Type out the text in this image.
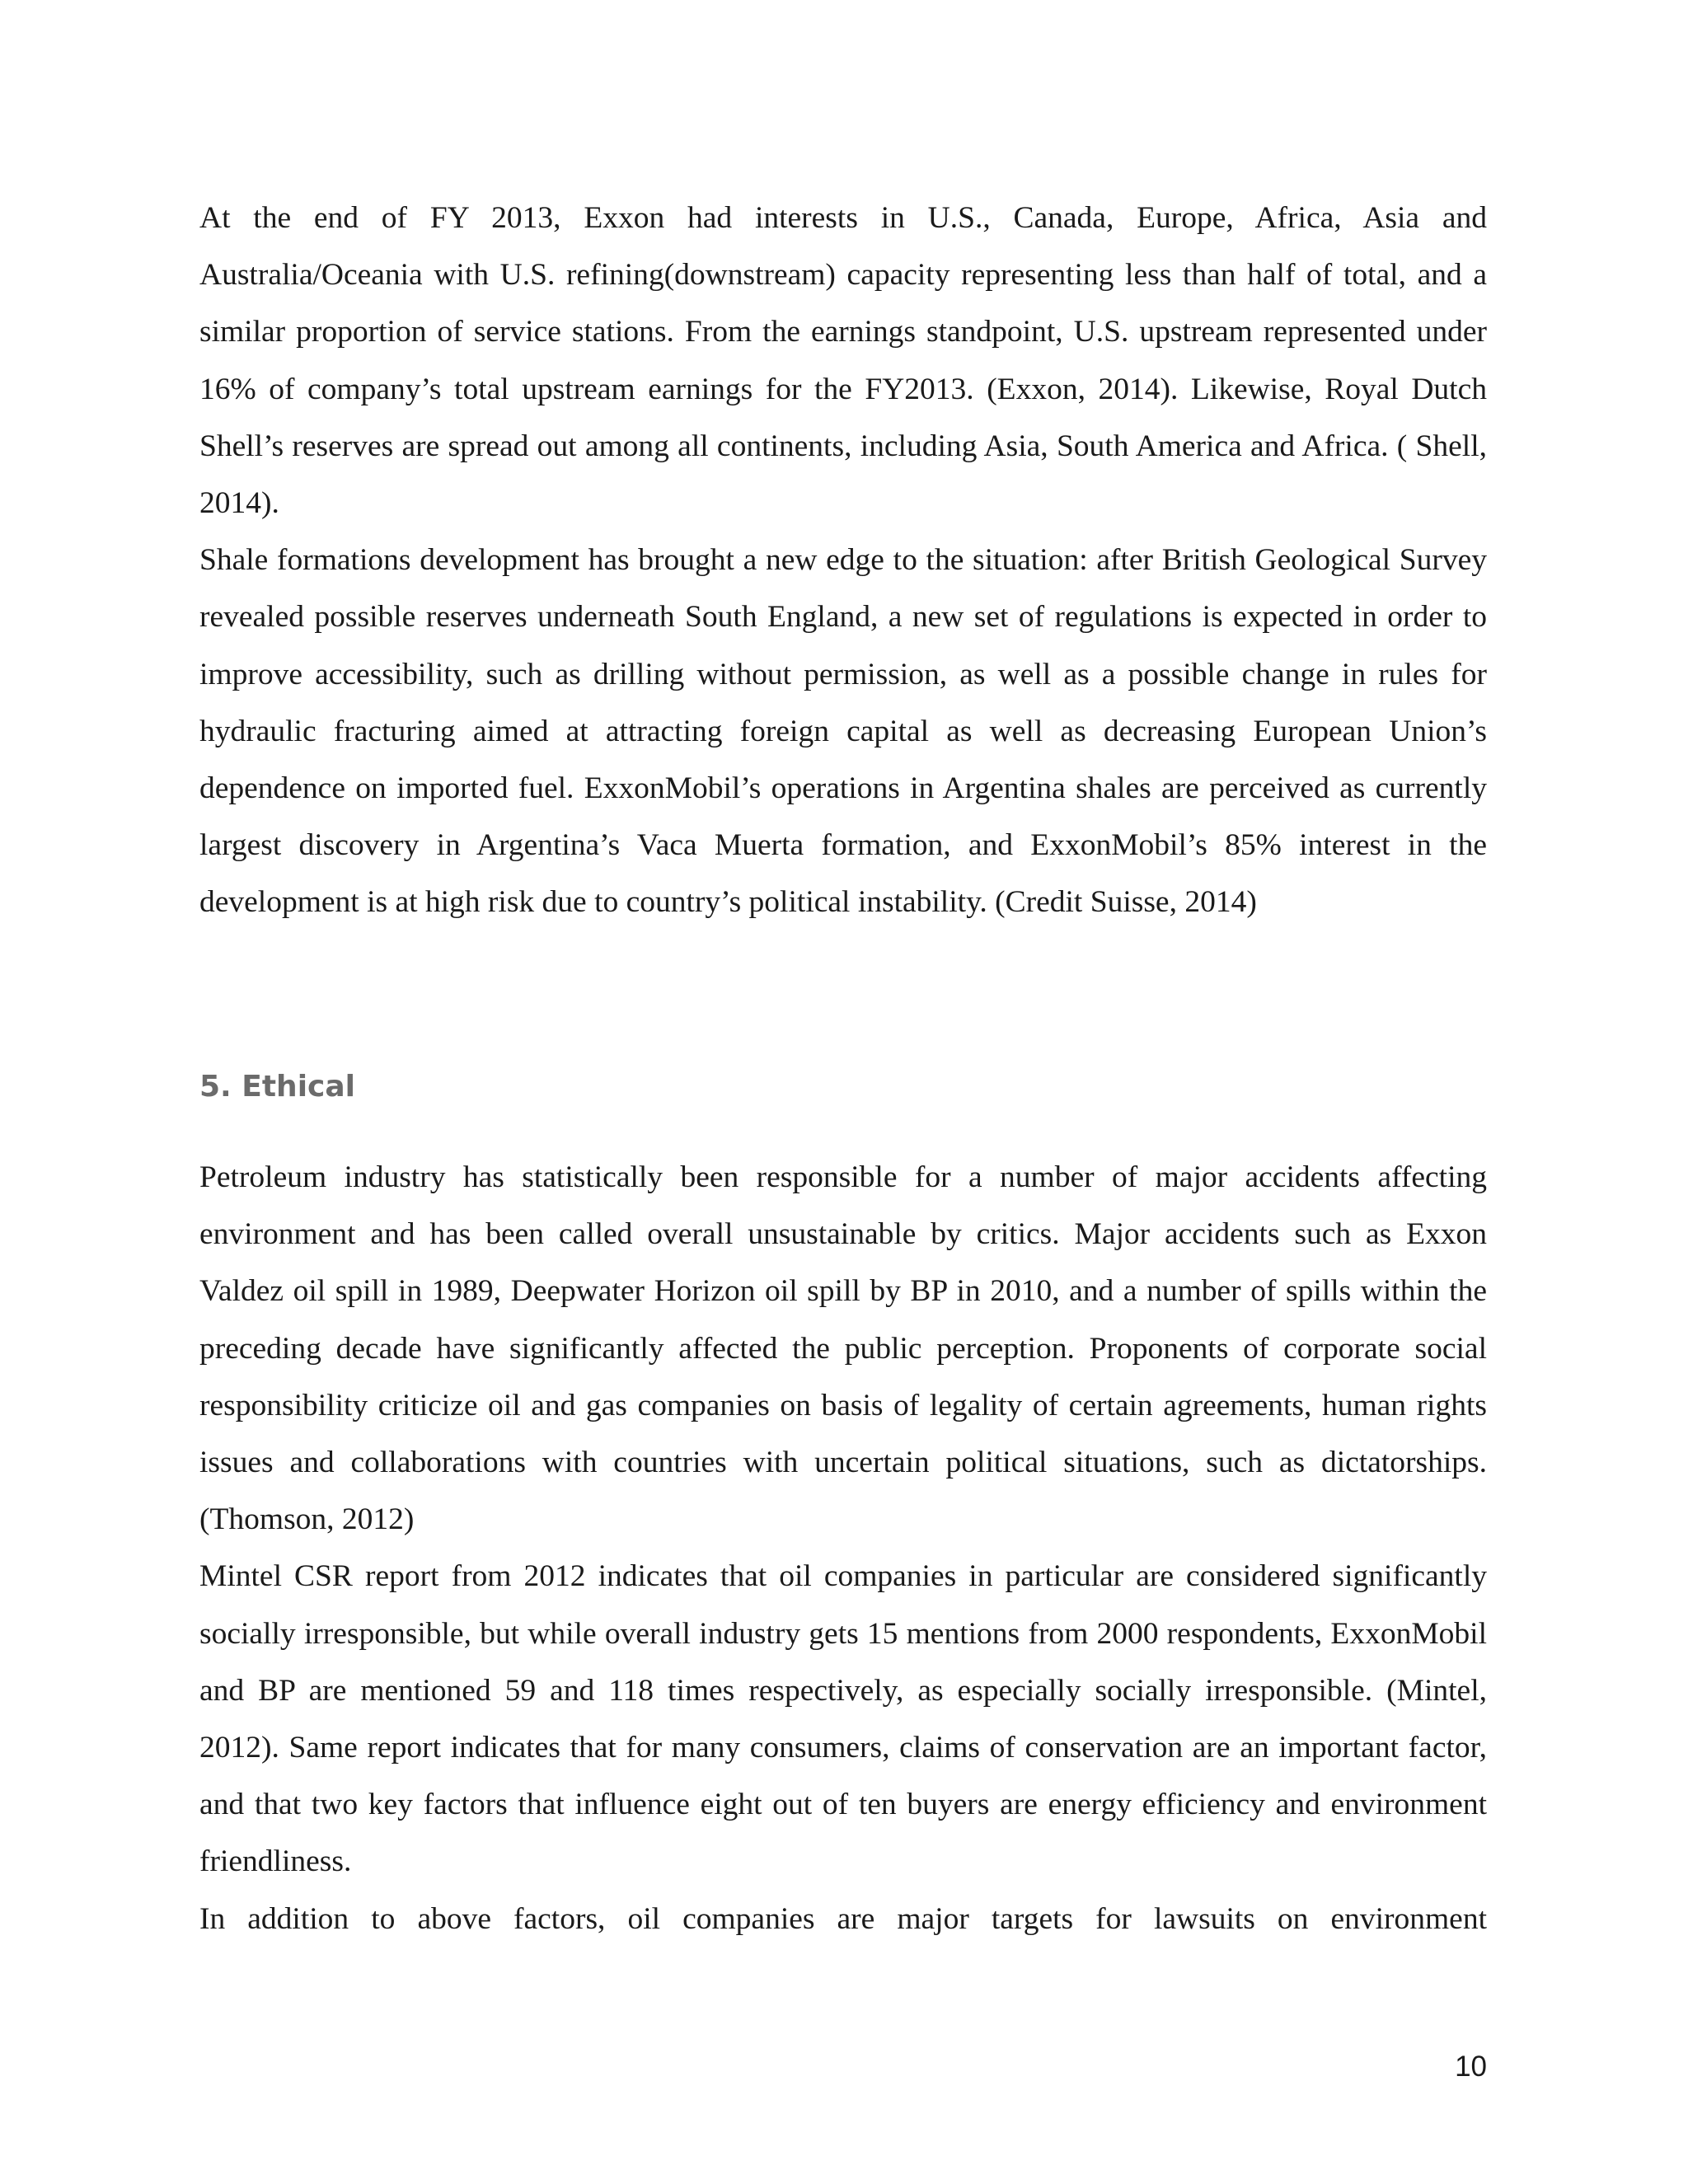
At the end of FY 2013, Exxon had interests in U.S., Canada, Europe, Africa, Asia and Australia/Oceania with U.S. refining(downstream) capacity representing less than half of total, and a similar proportion of service stations. From the earnings standpoint, U.S. upstream represented under 16% of company’s total upstream earnings for the FY2013. (Exxon, 2014). Likewise, Royal Dutch Shell’s reserves are spread out among all continents, including Asia, South America and Africa. ( Shell, 2014).

Shale formations development has brought a new edge to the situation: after British Geological Survey revealed possible reserves underneath South England, a new set of regulations is expected in order to improve accessibility, such as drilling without permission, as well as a possible change in rules for hydraulic fracturing aimed at attracting foreign capital as well as decreasing European Union’s dependence on imported fuel. ExxonMobil’s operations in Argentina shales are perceived as currently largest discovery in Argentina’s Vaca Muerta formation, and ExxonMobil’s 85% interest in the development is at high risk due to country’s political instability. (Credit Suisse, 2014)

5. Ethical

Petroleum industry has statistically been responsible for a number of major accidents affecting environment and has been called overall unsustainable by critics. Major accidents such as Exxon Valdez oil spill in 1989, Deepwater Horizon oil spill by BP in 2010, and a number of spills within the preceding decade have significantly affected the public perception. Proponents of corporate social responsibility criticize oil and gas companies on basis of legality of certain agreements, human rights issues and collaborations with countries with uncertain political situations, such as dictatorships. (Thomson, 2012)

Mintel CSR report from 2012 indicates that oil companies in particular are considered significantly socially irresponsible, but while overall industry gets 15 mentions from 2000 respondents, ExxonMobil and BP are mentioned 59 and 118 times respectively, as especially socially irresponsible. (Mintel, 2012). Same report indicates that for many consumers, claims of conservation are an important factor, and that two key factors that influence eight out of ten buyers are energy efficiency and environment friendliness.

In addition to above factors, oil companies are major targets for lawsuits on environment

10
